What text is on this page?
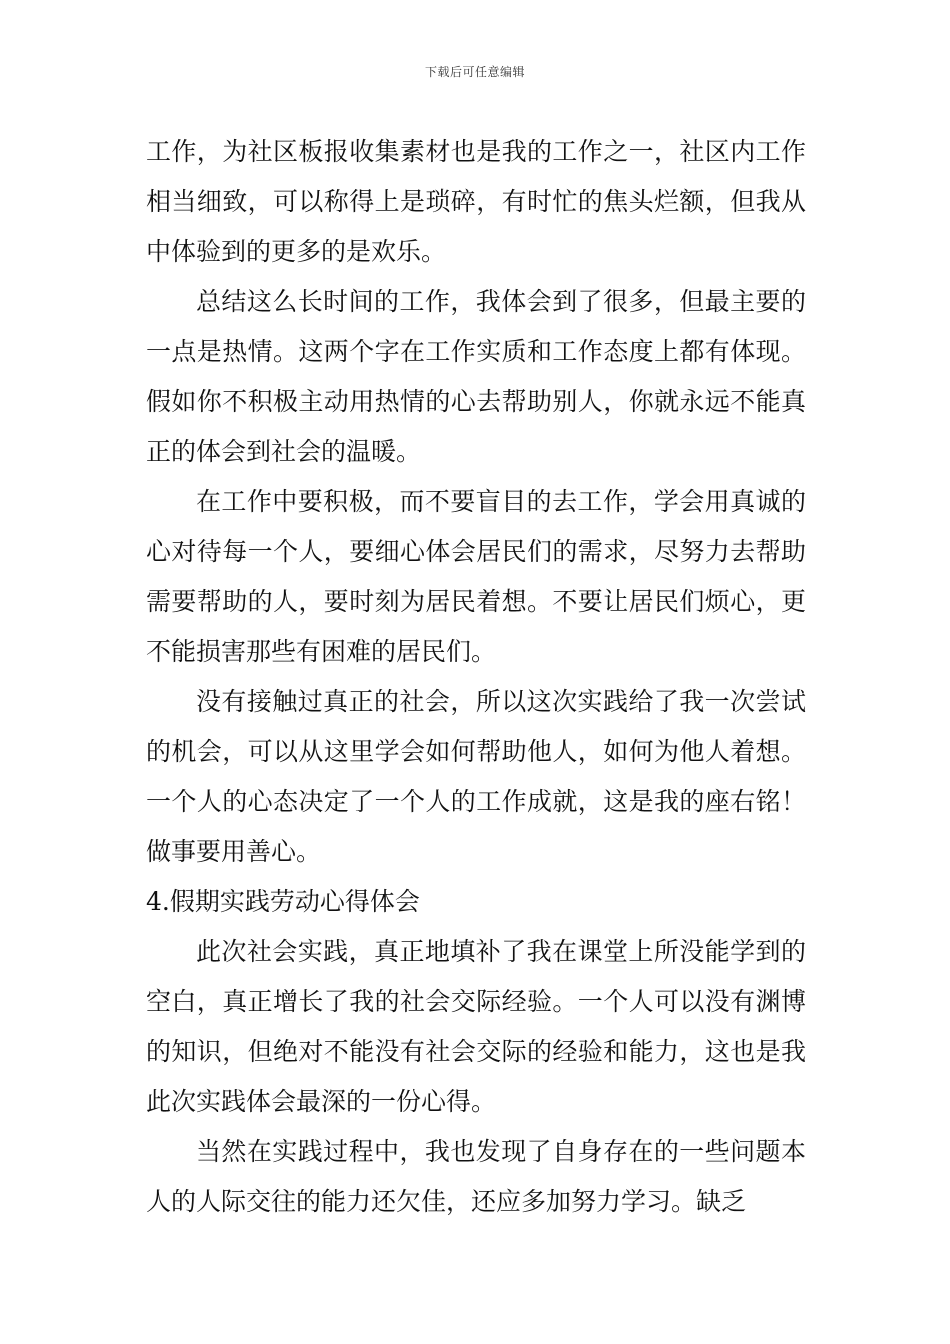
下载后可任意编辑

工作，为社区板报收集素材也是我的工作之一，社区内工作相当细致，可以称得上是琐碎，有时忙的焦头烂额，但我从中体验到的更多的是欢乐。

总结这么长时间的工作，我体会到了很多，但最主要的一点是热情。这两个字在工作实质和工作态度上都有体现。假如你不积极主动用热情的心去帮助别人，你就永远不能真正的体会到社会的温暖。

在工作中要积极，而不要盲目的去工作，学会用真诚的心对待每一个人，要细心体会居民们的需求，尽努力去帮助需要帮助的人，要时刻为居民着想。不要让居民们烦心，更不能损害那些有困难的居民们。

没有接触过真正的社会，所以这次实践给了我一次尝试的机会，可以从这里学会如何帮助他人，如何为他人着想。一个人的心态决定了一个人的工作成就，这是我的座右铭！做事要用善心。

4.假期实践劳动心得体会

此次社会实践，真正地填补了我在课堂上所没能学到的空白，真正增长了我的社会交际经验。一个人可以没有渊博的知识，但绝对不能没有社会交际的经验和能力，这也是我此次实践体会最深的一份心得。

当然在实践过程中，我也发现了自身存在的一些问题本人的人际交往的能力还欠佳，还应多加努力学习。缺乏
